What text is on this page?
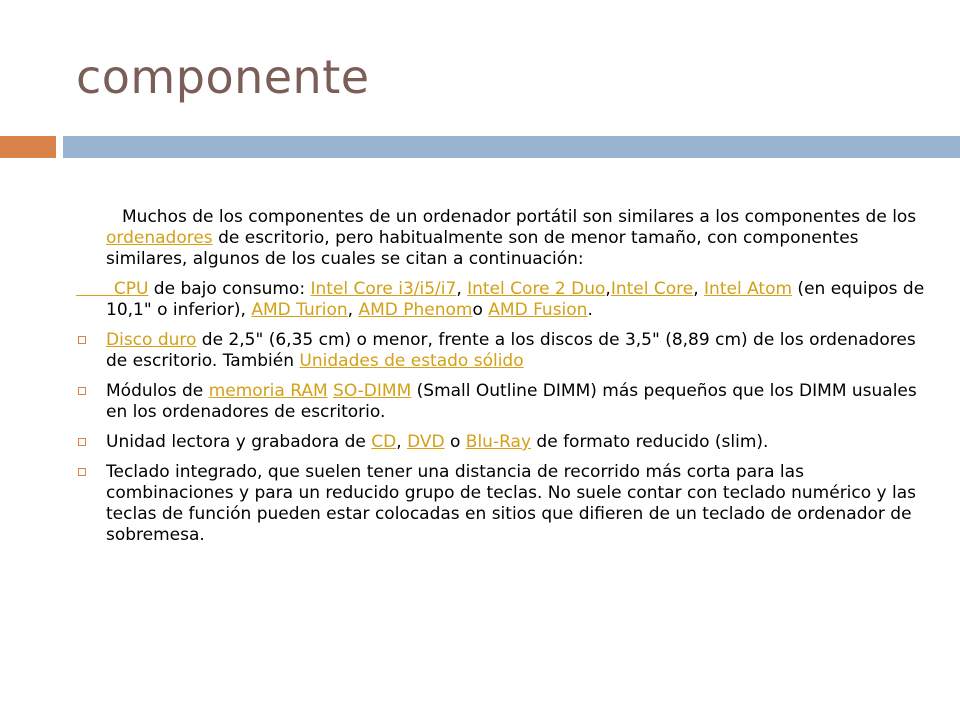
componente

Muchos de los componentes de un ordenador portátil son similares a los componentes de los ordenadores de escritorio, pero habitualmente son de menor tamaño, con componentes similares, algunos de los cuales se citan a continuación:

CPU de bajo consumo: Intel Core i3/i5/i7, Intel Core 2 Duo,Intel Core, Intel Atom (en equipos de 10,1" o inferior), AMD Turion, AMD Phenomo AMD Fusion.
Disco duro de 2,5" (6,35 cm) o menor, frente a los discos de 3,5" (8,89 cm) de los ordenadores de escritorio. También Unidades de estado sólido
Módulos de memoria RAM SO-DIMM (Small Outline DIMM) más pequeños que los DIMM usuales en los ordenadores de escritorio.
Unidad lectora y grabadora de CD, DVD o Blu-Ray de formato reducido (slim).
Teclado integrado, que suelen tener una distancia de recorrido más corta para las combinaciones y para un reducido grupo de teclas. No suele contar con teclado numérico y las teclas de función pueden estar colocadas en sitios que difieren de un teclado de ordenador de sobremesa.
